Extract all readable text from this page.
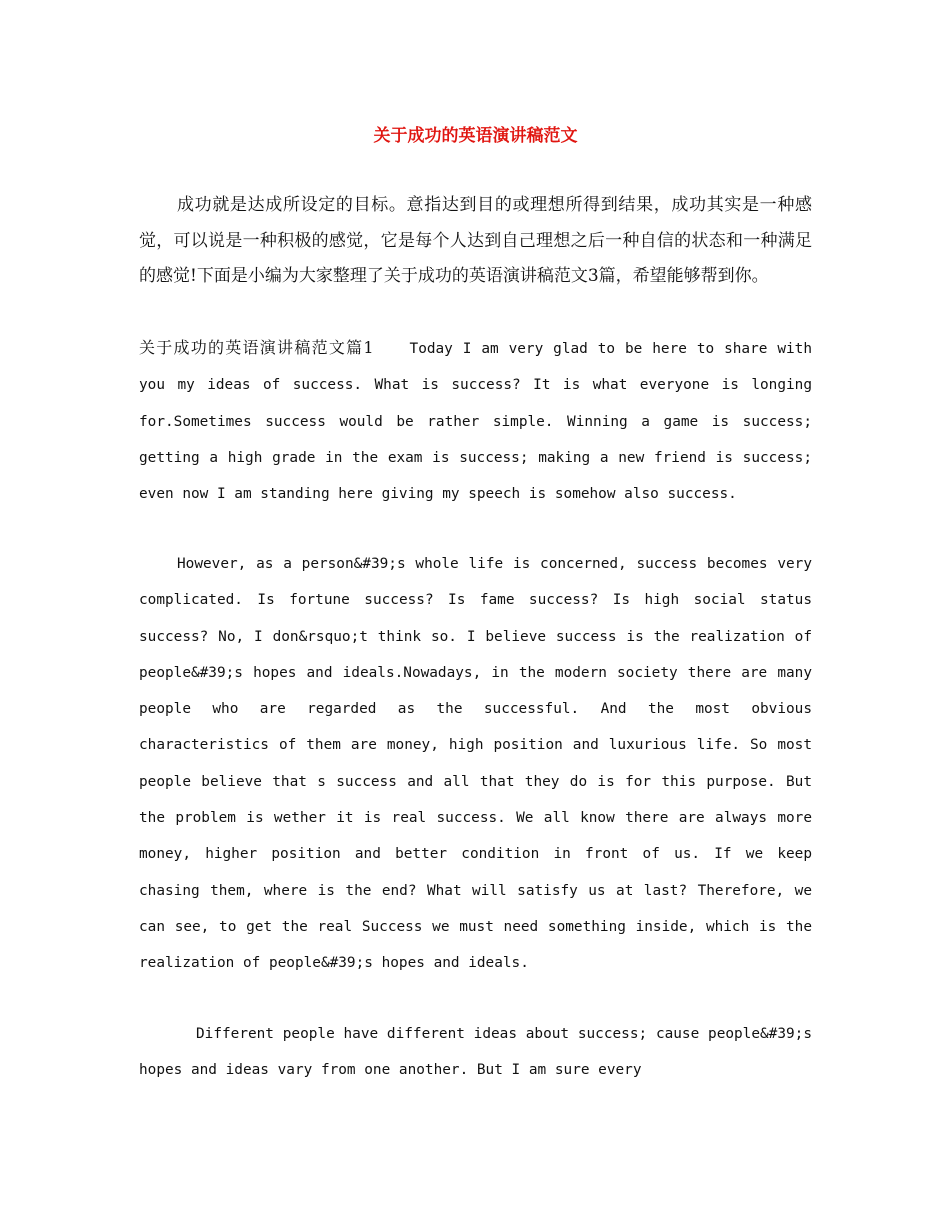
关于成功的英语演讲稿范文

成功就是达成所设定的目标。意指达到目的或理想所得到结果，成功其实是一种感觉，可以说是一种积极的感觉，它是每个人达到自己理想之后一种自信的状态和一种满足的感觉!下面是小编为大家整理了关于成功的英语演讲稿范文3篇，希望能够帮到你。

关于成功的英语演讲稿范文篇1	Today I am very glad to be here to share with you my ideas of success. What is success? It is what everyone is longing for.Sometimes success would be rather simple. Winning a game is success; getting a high grade in the exam is success; making a new friend is success; even now I am standing here giving my speech is somehow also success.

However, as a person&#39;s whole life is concerned, success becomes very complicated. Is fortune success? Is fame success? Is high social status success? No, I don&rsquo;t think so. I believe success is the realization of people&#39;s hopes and ideals.Nowadays, in the modern society there are many people who are regarded as the successful. And the most obvious characteristics of them are money, high position and luxurious life. So most people believe that s success and all that they do is for this purpose. But the problem is wether it is real success. We all know there are always more money, higher position and better condition in front of us. If we keep chasing them, where is the end? What will satisfy us at last? Therefore, we can see, to get the real Success we must need something inside, which is the realization of people&#39;s hopes and ideals.

Different people have different ideas about success; cause people&#39;s hopes and ideas vary from one another. But I am sure every
